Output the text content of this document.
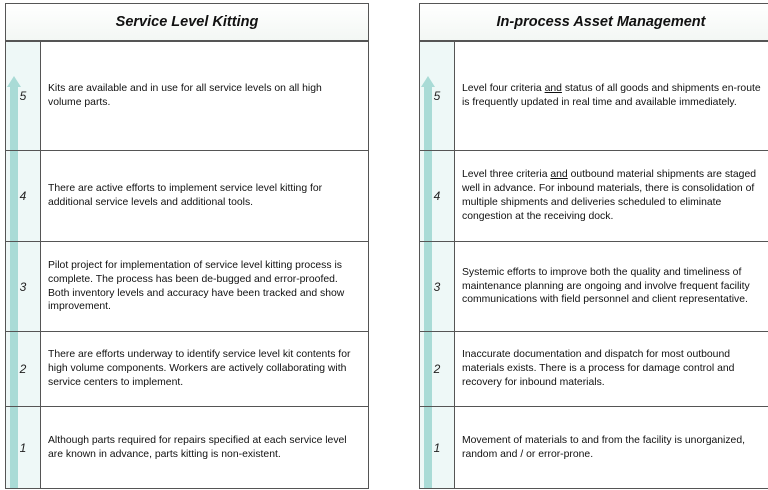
Service Level Kitting
5
Kits are available and in use for all service levels on all high volume parts.
4
There are active efforts to implement service level kitting for additional service levels and additional tools.
3
Pilot project for implementation of service level kitting process is complete. The process has been de-bugged and error-proofed. Both inventory levels and accuracy have been tracked and show improvement.
2
There are efforts underway to identify service level kit contents for high volume components. Workers are actively collaborating with service centers to implement.
1
Although parts required for repairs specified at each service level are known in advance, parts kitting is non-existent.
In-process Asset Management
5
Level four criteria and status of all goods and shipments en-route is frequently updated in real time and available immediately.
4
Level three criteria and outbound material shipments are staged well in advance. For inbound materials, there is consolidation of multiple shipments and deliveries scheduled to eliminate congestion at the receiving dock.
3
Systemic efforts to improve both the quality and timeliness of maintenance planning are ongoing and involve frequent facility communications with field personnel and client representative.
2
Inaccurate documentation and dispatch for most outbound materials exists. There is a process for damage control and recovery for inbound materials.
1
Movement of materials to and from the facility is unorganized, random and / or error-prone.
